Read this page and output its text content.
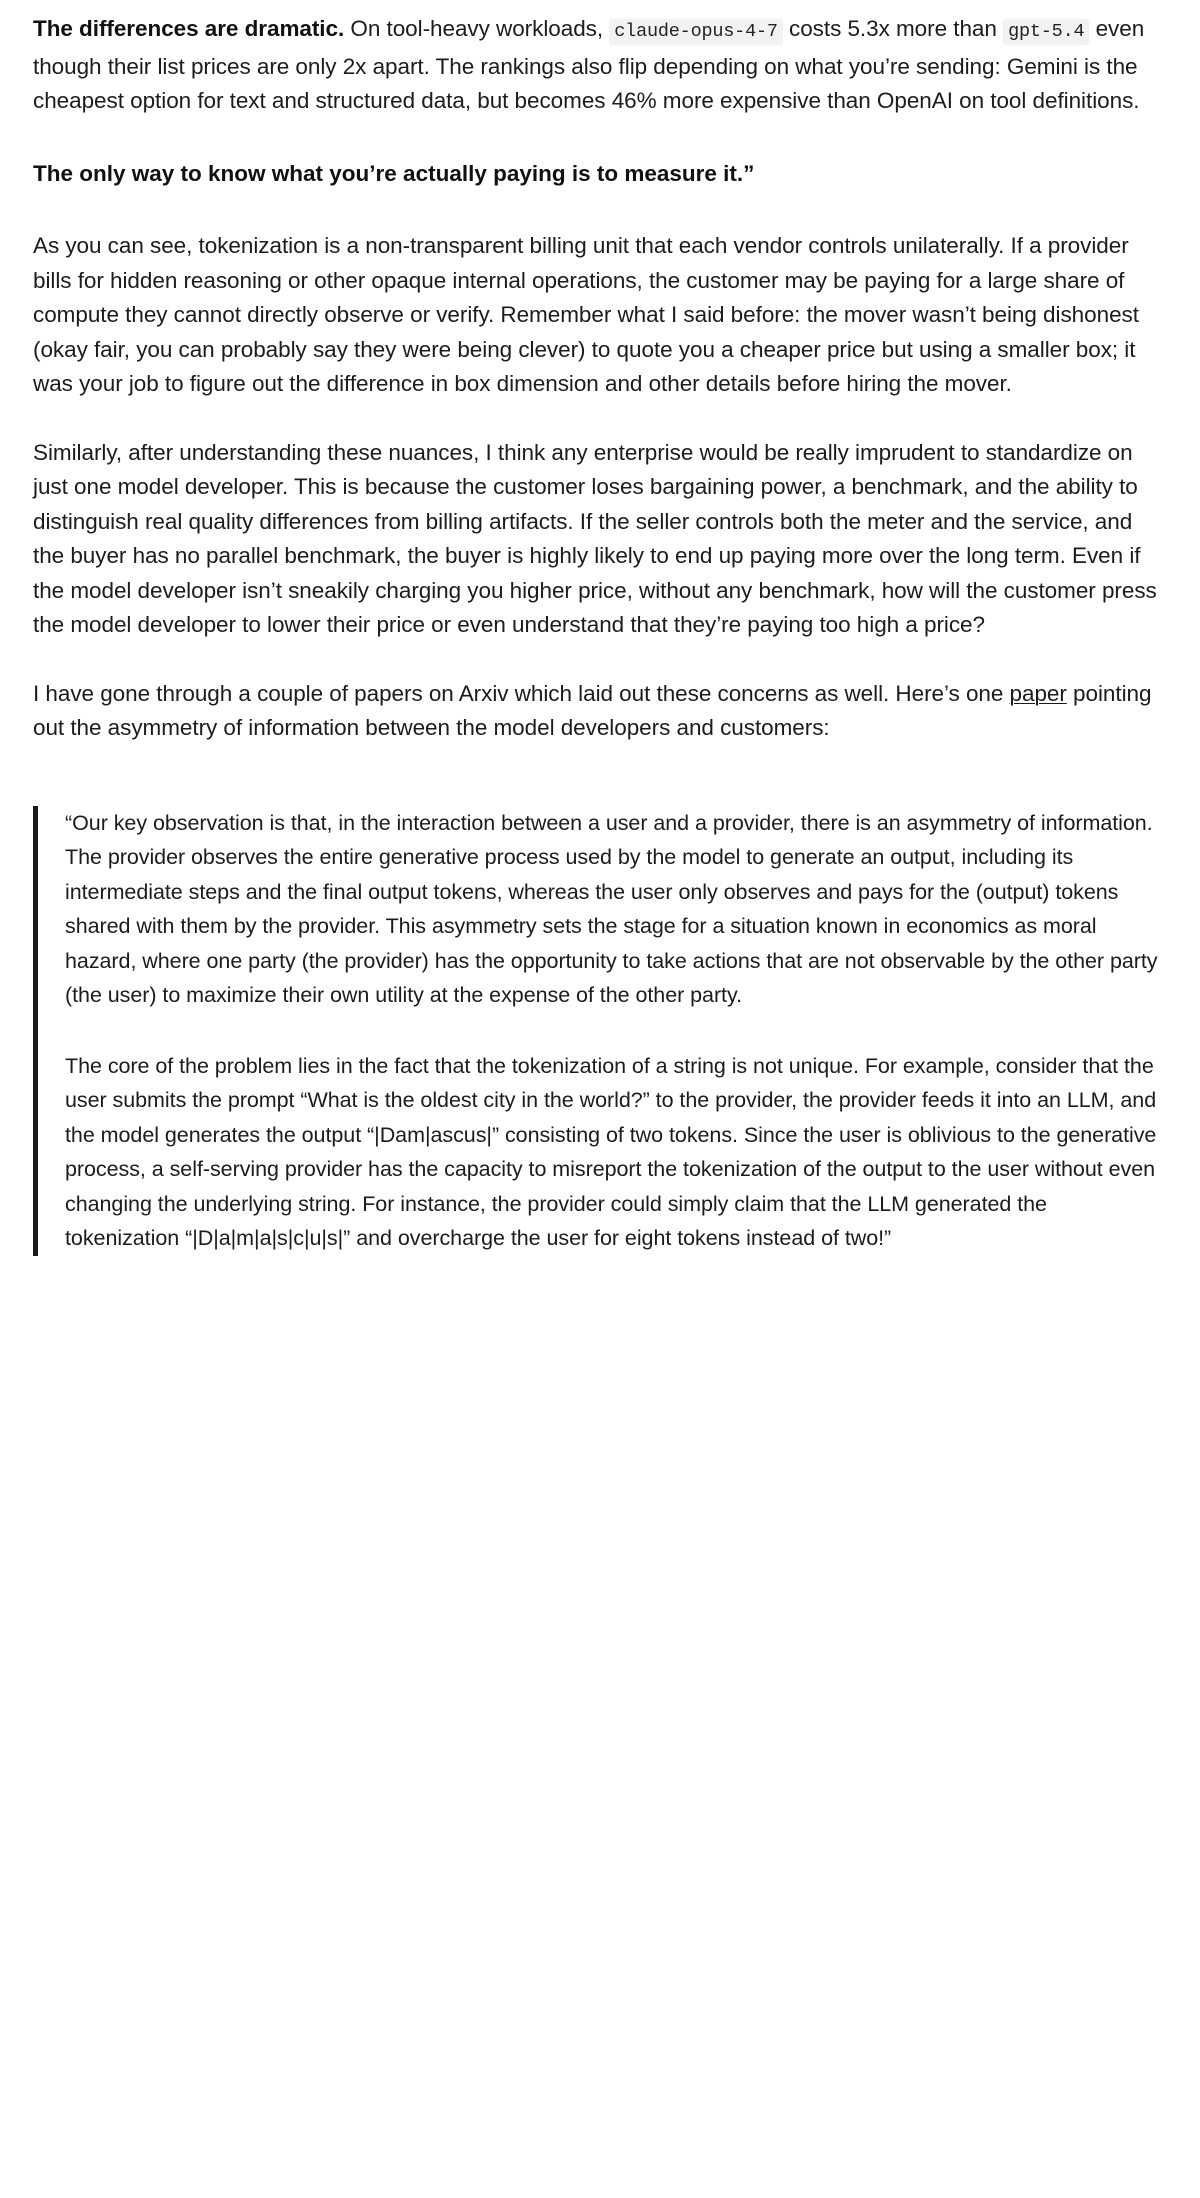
The differences are dramatic. On tool-heavy workloads, claude-opus-4-7 costs 5.3x more than gpt-5.4 even though their list prices are only 2x apart. The rankings also flip depending on what you’re sending: Gemini is the cheapest option for text and structured data, but becomes 46% more expensive than OpenAI on tool definitions.

The only way to know what you’re actually paying is to measure it.”

As you can see, tokenization is a non-transparent billing unit that each vendor controls unilaterally. If a provider bills for hidden reasoning or other opaque internal operations, the customer may be paying for a large share of compute they cannot directly observe or verify. Remember what I said before: the mover wasn’t being dishonest (okay fair, you can probably say they were being clever) to quote you a cheaper price but using a smaller box; it was your job to figure out the difference in box dimension and other details before hiring the mover.

Similarly, after understanding these nuances, I think any enterprise would be really imprudent to standardize on just one model developer. This is because the customer loses bargaining power, a benchmark, and the ability to distinguish real quality differences from billing artifacts. If the seller controls both the meter and the service, and the buyer has no parallel benchmark, the buyer is highly likely to end up paying more over the long term. Even if the model developer isn’t sneakily charging you higher price, without any benchmark, how will the customer press the model developer to lower their price or even understand that they’re paying too high a price?

I have gone through a couple of papers on Arxiv which laid out these concerns as well. Here’s one paper pointing out the asymmetry of information between the model developers and customers:

“Our key observation is that, in the interaction between a user and a provider, there is an asymmetry of information. The provider observes the entire generative process used by the model to generate an output, including its intermediate steps and the final output tokens, whereas the user only observes and pays for the (output) tokens shared with them by the provider. This asymmetry sets the stage for a situation known in economics as moral hazard, where one party (the provider) has the opportunity to take actions that are not observable by the other party (the user) to maximize their own utility at the expense of the other party.

The core of the problem lies in the fact that the tokenization of a string is not unique. For example, consider that the user submits the prompt “What is the oldest city in the world?” to the provider, the provider feeds it into an LLM, and the model generates the output “|Dam|ascus|” consisting of two tokens. Since the user is oblivious to the generative process, a self-serving provider has the capacity to misreport the tokenization of the output to the user without even changing the underlying string. For instance, the provider could simply claim that the LLM generated the tokenization “|D|a|m|a|s|c|u|s|” and overcharge the user for eight tokens instead of two!”
